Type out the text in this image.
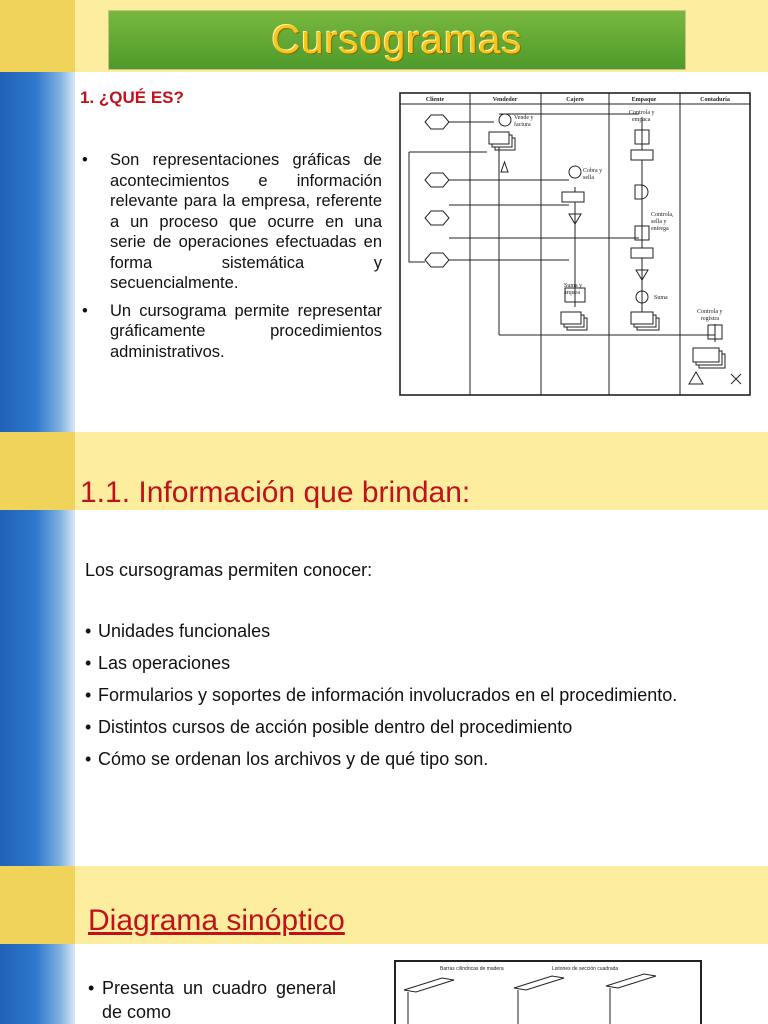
Cursogramas
1. ¿QUÉ ES?
• Son representaciones gráficas de acontecimientos e información relevante para la empresa, referente a un proceso que ocurre en una serie de operaciones efectuadas en forma sistemática y secuencialmente.
• Un cursograma permite representar gráficamente procedimientos administrativos.
Cliente	Vendedor	Cajero	Empaque	Contaduría
Vende y
factura
Cobra y
sella
Suma y
arquea
Controla y
empaca
Controla,
sella y
entrega
Suma
Controla y
registra
1.1. Información que brindan:
Los cursogramas permiten conocer:
• Unidades funcionales
• Las operaciones
• Formularios y soportes de información involucrados en el procedimiento.
• Distintos cursos de acción posible dentro del procedimiento
• Cómo se ordenan los archivos y de qué tipo son.
Diagrama sinóptico
• Presenta un cuadro general de como
Barras cilíndricas de madera	Listones de sección cuadrada
